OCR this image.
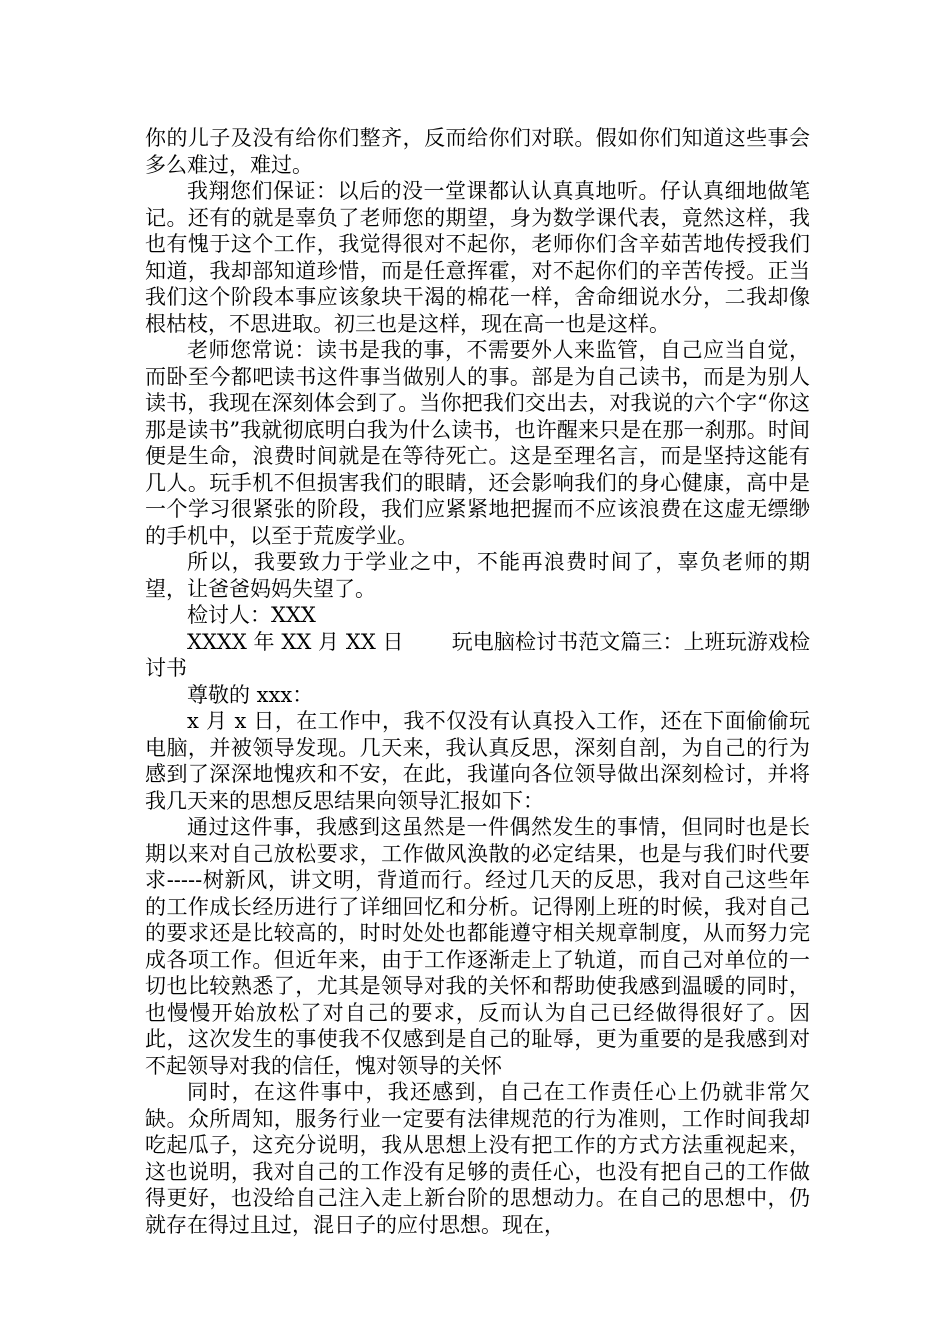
你的儿子及没有给你们整齐，反而给你们对联。假如你们知道这些事会多么难过，难过。

我翔您们保证：以后的没一堂课都认认真真地听。仔认真细地做笔记。还有的就是辜负了老师您的期望，身为数学课代表，竟然这样，我也有愧于这个工作，我觉得很对不起你，老师你们含辛茹苦地传授我们知道，我却部知道珍惜，而是任意挥霍，对不起你们的辛苦传授。正当我们这个阶段本事应该象块干渴的棉花一样，舍命细说水分，二我却像根枯枝，不思进取。初三也是这样，现在高一也是这样。

老师您常说：读书是我的事，不需要外人来监管，自己应当自觉，而卧至今都吧读书这件事当做别人的事。部是为自己读书，而是为别人读书，我现在深刻体会到了。当你把我们交出去，对我说的六个字“你这那是读书”我就彻底明白我为什么读书，也许醒来只是在那一刹那。时间便是生命，浪费时间就是在等待死亡。这是至理名言，而是坚持这能有几人。玩手机不但损害我们的眼睛，还会影响我们的身心健康，高中是一个学习很紧张的阶段，我们应紧紧地把握而不应该浪费在这虚无缥缈的手机中，以至于荒废学业。

所以，我要致力于学业之中，不能再浪费时间了，辜负老师的期望，让爸爸妈妈失望了。

检讨人：XXX

XXXX 年 XX 月 XX 日 玩电脑检讨书范文篇三：上班玩游戏检讨书

尊敬的 xxx：

x 月 x 日，在工作中，我不仅没有认真投入工作，还在下面偷偷玩电脑，并被领导发现。几天来，我认真反思，深刻自剖，为自己的行为感到了深深地愧疚和不安，在此，我谨向各位领导做出深刻检讨，并将我几天来的思想反思结果向领导汇报如下：

通过这件事，我感到这虽然是一件偶然发生的事情，但同时也是长期以来对自己放松要求，工作做风涣散的必定结果，也是与我们时代要求-----树新风，讲文明，背道而行。经过几天的反思，我对自己这些年的工作成长经历进行了详细回忆和分析。记得刚上班的时候，我对自己的要求还是比较高的，时时处处也都能遵守相关规章制度，从而努力完成各项工作。但近年来，由于工作逐渐走上了轨道，而自己对单位的一切也比较熟悉了，尤其是领导对我的关怀和帮助使我感到温暖的同时，也慢慢开始放松了对自己的要求，反而认为自己已经做得很好了。因此，这次发生的事使我不仅感到是自己的耻辱，更为重要的是我感到对不起领导对我的信任，愧对领导的关怀

同时，在这件事中，我还感到，自己在工作责任心上仍就非常欠缺。众所周知，服务行业一定要有法律规范的行为准则，工作时间我却吃起瓜子，这充分说明，我从思想上没有把工作的方式方法重视起来，这也说明，我对自己的工作没有足够的责任心，也没有把自己的工作做得更好，也没给自己注入走上新台阶的思想动力。在自己的思想中，仍就存在得过且过，混日子的应付思想。现在，
